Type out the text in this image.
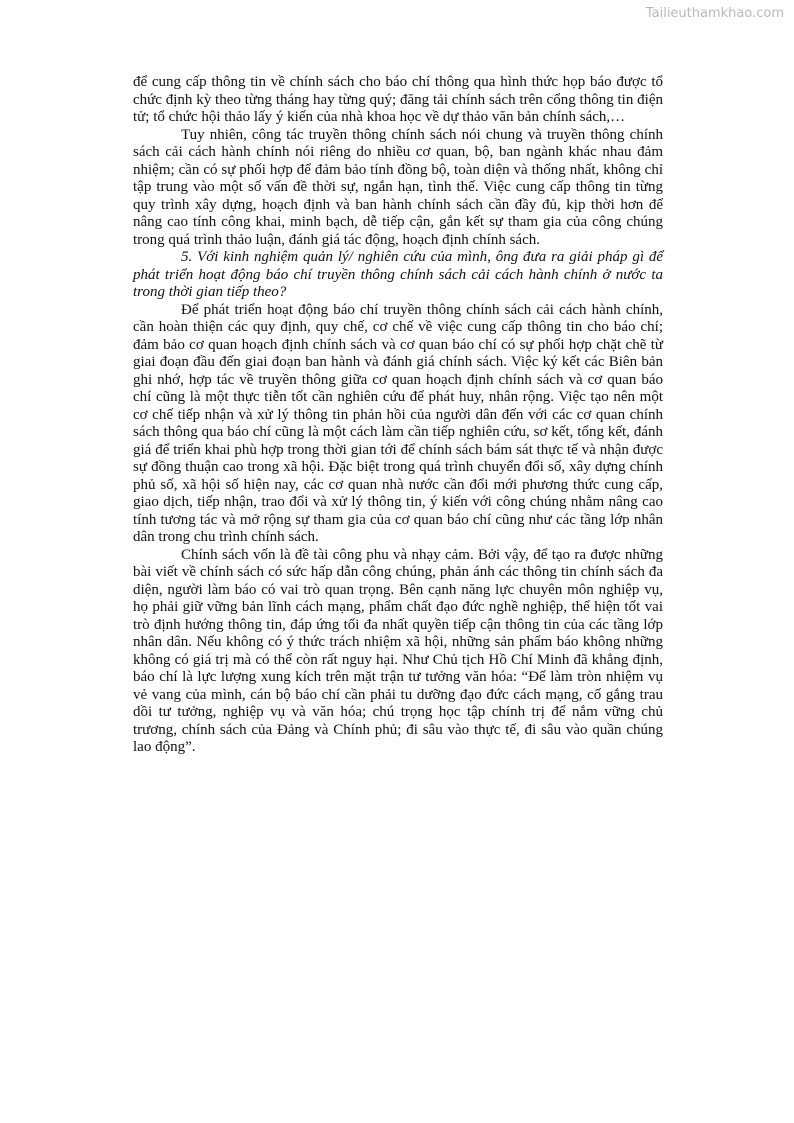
Tailieuthamkhao.com

để cung cấp thông tin về chính sách cho báo chí thông qua hình thức họp báo được tổ chức định kỳ theo từng tháng hay từng quý; đăng tải chính sách trên cổng thông tin điện tử; tổ chức hội thảo lấy ý kiến của nhà khoa học về dự thảo văn bản chính sách,…

Tuy nhiên, công tác truyền thông chính sách nói chung và truyền thông chính sách cải cách hành chính nói riêng do nhiều cơ quan, bộ, ban ngành khác nhau đảm nhiệm; cần có sự phối hợp để đảm bảo tính đồng bộ, toàn diện và thống nhất, không chỉ tập trung vào một số vấn đề thời sự, ngắn hạn, tình thế. Việc cung cấp thông tin từng quy trình xây dựng, hoạch định và ban hành chính sách cần đầy đủ, kịp thời hơn để nâng cao tính công khai, minh bạch, dễ tiếp cận, gắn kết sự tham gia của công chúng trong quá trình thảo luận, đánh giá tác động, hoạch định chính sách.

5. Với kinh nghiệm quản lý/ nghiên cứu của mình, ông đưa ra giải pháp gì để phát triển hoạt động báo chí truyền thông chính sách cải cách hành chính ở nước ta trong thời gian tiếp theo?

Để phát triển hoạt động báo chí truyền thông chính sách cải cách hành chính, cần hoàn thiện các quy định, quy chế, cơ chế về việc cung cấp thông tin cho báo chí; đảm bảo cơ quan hoạch định chính sách và cơ quan báo chí có sự phối hợp chặt chẽ từ giai đoạn đầu đến giai đoạn ban hành và đánh giá chính sách. Việc ký kết các Biên bản ghi nhớ, hợp tác về truyền thông giữa cơ quan hoạch định chính sách và cơ quan báo chí cũng là một thực tiễn tốt cần nghiên cứu để phát huy, nhân rộng. Việc tạo nên một cơ chế tiếp nhận và xử lý thông tin phản hồi của người dân đến với các cơ quan chính sách thông qua báo chí cũng là một cách làm cần tiếp nghiên cứu, sơ kết, tổng kết, đánh giá để triển khai phù hợp trong thời gian tới để chính sách bám sát thực tế và nhận được sự đồng thuận cao trong xã hội. Đặc biệt trong quá trình chuyển đổi số, xây dựng chính phủ số, xã hội số hiện nay, các cơ quan nhà nước cần đổi mới phương thức cung cấp, giao dịch, tiếp nhận, trao đổi và xử lý thông tin, ý kiến với công chúng nhằm nâng cao tính tương tác và mở rộng sự tham gia của cơ quan báo chí cũng như các tầng lớp nhân dân trong chu trình chính sách.

Chính sách vốn là đề tài công phu và nhạy cảm. Bởi vậy, để tạo ra được những bài viết về chính sách có sức hấp dẫn công chúng, phản ánh các thông tin chính sách đa diện, người làm báo có vai trò quan trọng. Bên cạnh năng lực chuyên môn nghiệp vụ, họ phải giữ vững bản lĩnh cách mạng, phẩm chất đạo đức nghề nghiệp, thể hiện tốt vai trò định hướng thông tin, đáp ứng tối đa nhất quyền tiếp cận thông tin của các tầng lớp nhân dân. Nếu không có ý thức trách nhiệm xã hội, những sản phẩm báo không những không có giá trị mà có thể còn rất nguy hại. Như Chủ tịch Hồ Chí Minh đã khẳng định, báo chí là lực lượng xung kích trên mặt trận tư tưởng văn hóa: “Để làm tròn nhiệm vụ vẻ vang của mình, cán bộ báo chí cần phải tu dưỡng đạo đức cách mạng, cố gắng trau dồi tư tưởng, nghiệp vụ và văn hóa; chú trọng học tập chính trị để nắm vững chủ trương, chính sách của Đảng và Chính phủ; đi sâu vào thực tế, đi sâu vào quần chúng lao động”.
